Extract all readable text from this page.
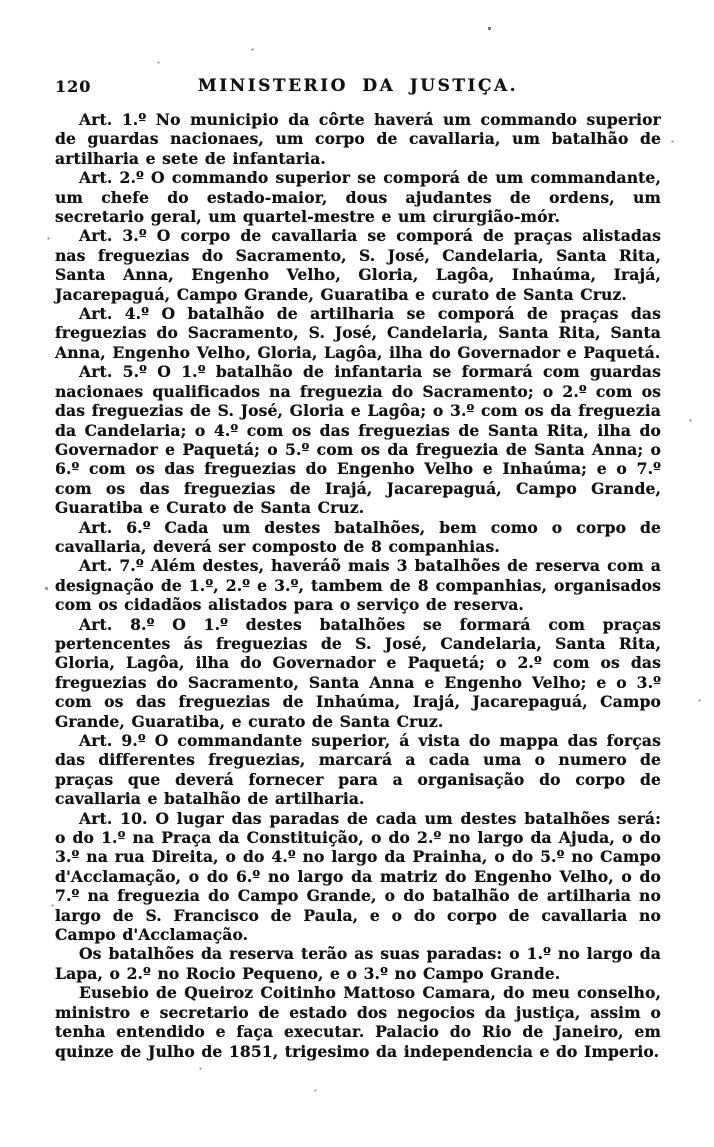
120	MINISTERIO DA JUSTIÇA.

Art. 1.º No municipio da côrte haverá um commando superior de guardas nacionaes, um corpo de cavallaria, um batalhão de artilharia e sete de infantaria.

Art. 2.º O commando superior se comporá de um commandante, um chefe do estado-maior, dous ajudantes de ordens, um secretario geral, um quartel-mestre e um cirurgião-mór.

Art. 3.º O corpo de cavallaria se comporá de praças alistadas nas freguezias do Sacramento, S. José, Candelaria, Santa Rita, Santa Anna, Engenho Velho, Gloria, Lagôa, Inhaúma, Irajá, Jacarepaguá, Campo Grande, Guaratiba e curato de Santa Cruz.

Art. 4.º O batalhão de artilharia se comporá de praças das freguezias do Sacramento, S. José, Candelaria, Santa Rita, Santa Anna, Engenho Velho, Gloria, Lagôa, ilha do Governador e Paquetá.

Art. 5.º O 1.º batalhão de infantaria se formará com guardas nacionaes qualificados na freguezia do Sacramento; o 2.º com os das freguezias de S. José, Gloria e Lagôa; o 3.º com os da freguezia da Candelaria; o 4.º com os das freguezias de Santa Rita, ilha do Governador e Paquetá; o 5.º com os da freguezia de Santa Anna; o 6.º com os das freguezias do Engenho Velho e Inhaúma; e o 7.º com os das freguezias de Irajá, Jacarepaguá, Campo Grande, Guaratiba e Curato de Santa Cruz.

Art. 6.º Cada um destes batalhões, bem como o corpo de cavallaria, deverá ser composto de 8 companhias.

Art. 7.º Além destes, haveráõ mais 3 batalhões de reserva com a designação de 1.º, 2.º e 3.º, tambem de 8 companhias, organisados com os cidadãos alistados para o serviço de reserva.

Art. 8.º O 1.º destes batalhões se formará com praças pertencentes ás freguezias de S. José, Candelaria, Santa Rita, Gloria, Lagôa, ilha do Governador e Paquetá; o 2.º com os das freguezias do Sacramento, Santa Anna e Engenho Velho; e o 3.º com os das freguezias de Inhaúma, Irajá, Jacarepaguá, Campo Grande, Guaratiba, e curato de Santa Cruz.

Art. 9.º O commandante superior, á vista do mappa das forças das differentes freguezias, marcará a cada uma o numero de praças que deverá fornecer para a organisação do corpo de cavallaria e batalhão de artilharia.

Art. 10. O lugar das paradas de cada um destes batalhões será: o do 1.º na Praça da Constituição, o do 2.º no largo da Ajuda, o do 3.º na rua Direita, o do 4.º no largo da Prainha, o do 5.º no Campo d'Acclamação, o do 6.º no largo da matriz do Engenho Velho, o do 7.º na freguezia do Campo Grande, o do batalhão de artilharia no largo de S. Francisco de Paula, e o do corpo de cavallaria no Campo d'Acclamação.

Os batalhões da reserva terão as suas paradas: o 1.º no largo da Lapa, o 2.º no Rocio Pequeno, e o 3.º no Campo Grande.

Eusebio de Queiroz Coitinho Mattoso Camara, do meu conselho, ministro e secretario de estado dos negocios da justiça, assim o tenha entendido e faça executar. Palacio do Rio de Janeiro, em quinze de Julho de 1851, trigesimo da independencia e do Imperio.
